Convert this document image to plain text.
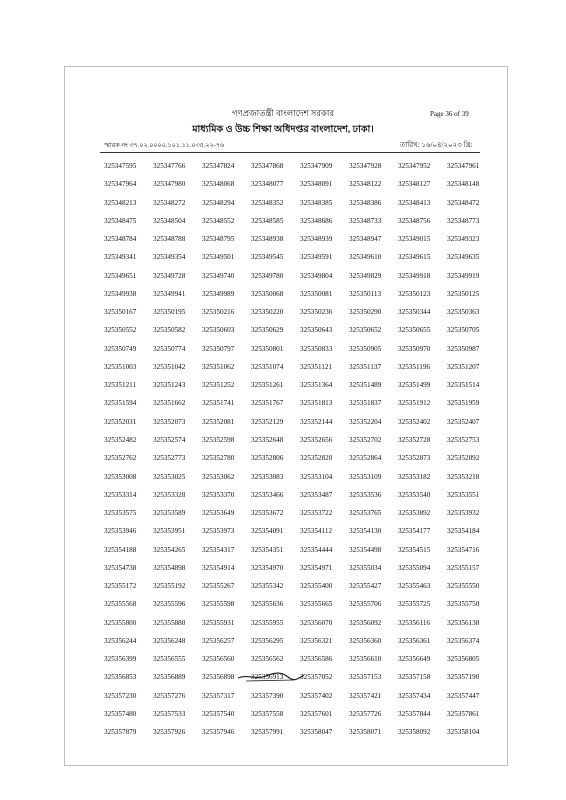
গণপ্রজাতন্ত্রী বাংলাদেশ সরকার	Page 36 of 39
মাধ্যমিক ও উচ্চ শিক্ষা অধিদপ্তর বাংলাদেশ, ঢাকা।
স্মারক নং ৩৭.০২.০০০০.১০১.১১.০৩৫.২২-৭৬	তারিখ: ১৬/০৪/২০২৩ খ্রি:
325347595	325347766	325347824	325347868	325347909	325347928	325347952	325347961
325347964	325347980	325348068	325348077	325348091	325348122	325348127	325348148
325348213	325348272	325348294	325348352	325348385	325348386	325348413	325348472
325348475	325348504	325348552	325348585	325348686	325348733	325348756	325348773
325348784	325348788	325348795	325348938	325348939	325348947	325349015	325349323
325349341	325349354	325349501	325349545	325349591	325349610	325349615	325349635
325349651	325349728	325349740	325349780	325349804	325349829	325349918	325349919
325349938	325349941	325349989	325350068	325350081	325350113	325350123	325350125
325350167	325350195	325350216	325350220	325350236	325350290	325350344	325350363
325350552	325350582	325350603	325350629	325350643	325350652	325350655	325350705
325350749	325350774	325350797	325350801	325350833	325350905	325350970	325350987
325351003	325351042	325351062	325351074	325351121	325351137	325351196	325351207
325351211	325351243	325351252	325351261	325351364	325351489	325351499	325351514
325351594	325351662	325351741	325351767	325351813	325351837	325351912	325351959
325352031	325352073	325352081	325352129	325352144	325352204	325352402	325352407
325352482	325352574	325352598	325352648	325352656	325352702	325352728	325352753
325352762	325352773	325352780	325352806	325352820	325352864	325352873	325352892
325353008	325353025	325353062	325353083	325353104	325353109	325353182	325353218
325353314	325353328	325353370	325353466	325353487	325353536	325353540	325353551
325353575	325353589	325353649	325353672	325353722	325353765	325353892	325353932
325353946	325353951	325353973	325354091	325354112	325354130	325354177	325354184
325354188	325354265	325354317	325354351	325354444	325354498	325354515	325354716
325354738	325354898	325354914	325354970	325354971	325355034	325355094	325355157
325355172	325355192	325355267	325355342	325355400	325355427	325355463	325355550
325355568	325355596	325355598	325355636	325355665	325355706	325355725	325355750
325355800	325355880	325355931	325355955	325356070	325356092	325356116	325356138
325356244	325356248	325356257	325356295	325356321	325356360	325356361	325356374
325356399	325356555	325356560	325356562	325356586	325356610	325356649	325356805
325356853	325356889	325356898	325356913	325357052	325357153	325357158	325357190
325357230	325357276	325357317	325357390	325357402	325357421	325357434	325357447
325357480	325357533	325357540	325357558	325357601	325357726	325357844	325357861
325357879	325357926	325357946	325357991	325358047	325358071	325358092	325358104
